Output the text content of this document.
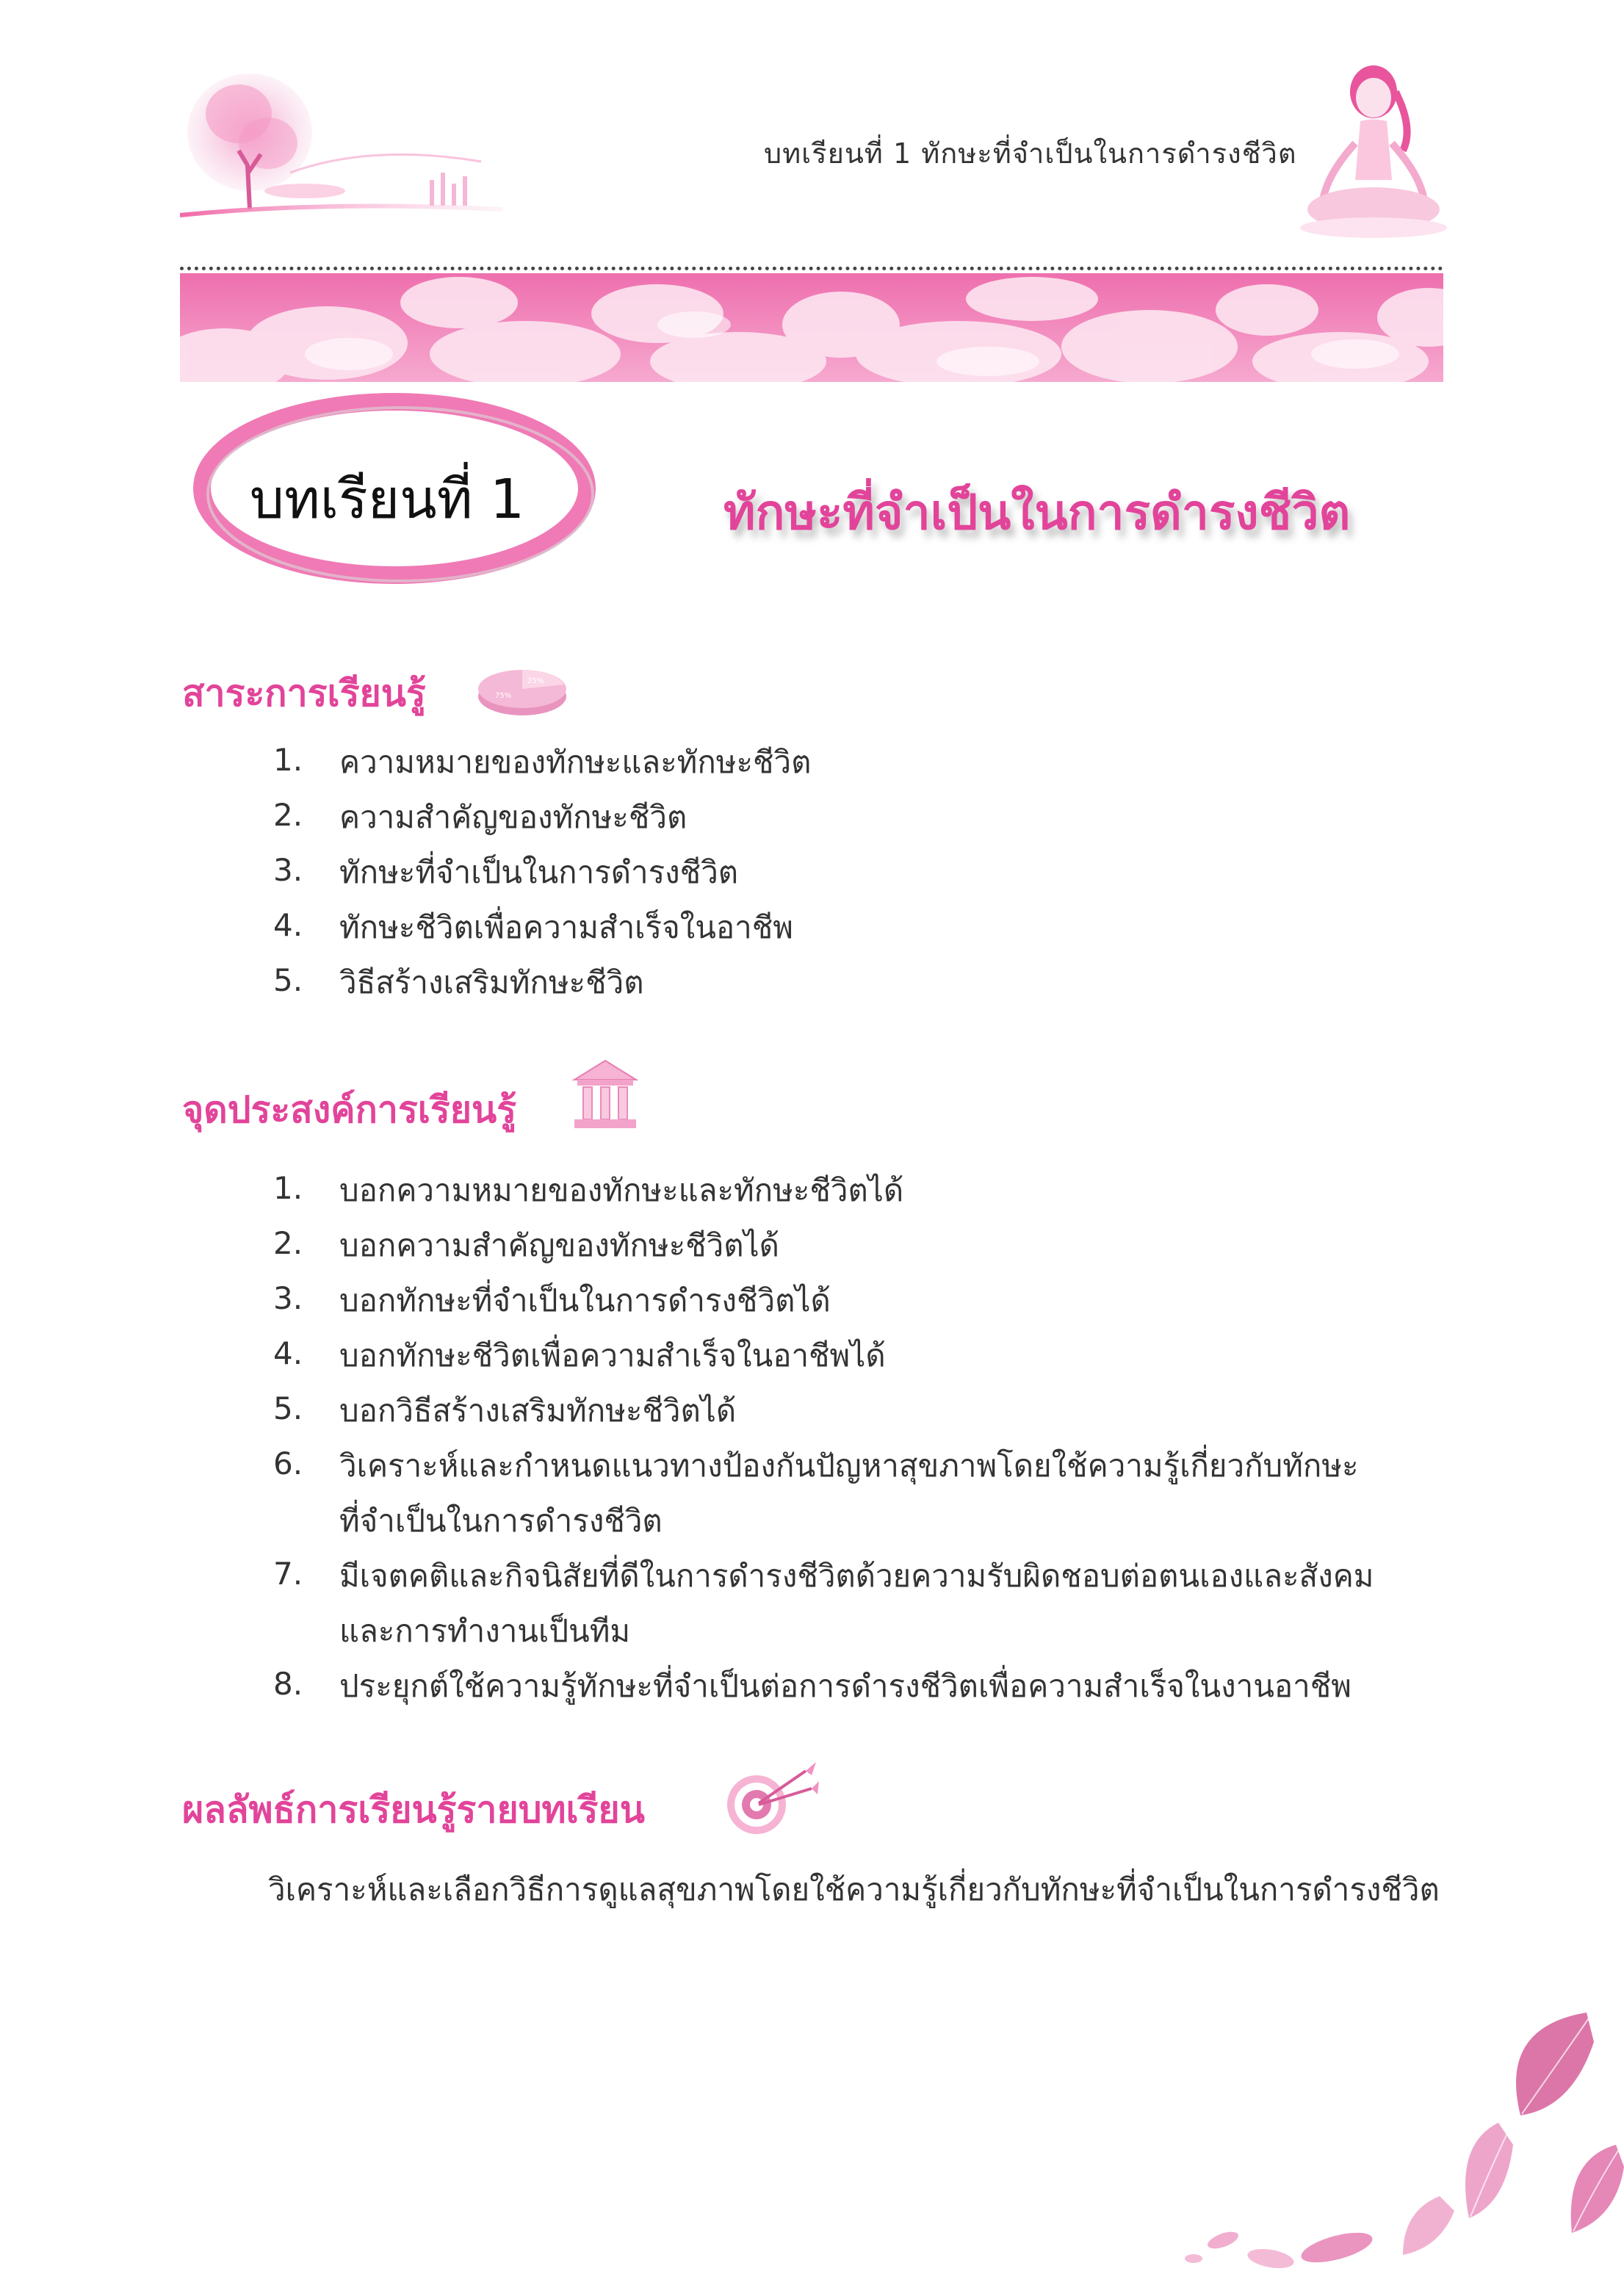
บทเรียนที่ 1 ทักษะที่จำเป็นในการดำรงชีวิต
บทเรียนที่ 1	ทักษะที่จำเป็นในการดำรงชีวิต
สาระการเรียนรู้	25%
75%
1.	ความหมายของทักษะและทักษะชีวิต
2.	ความสำคัญของทักษะชีวิต
3.	ทักษะที่จำเป็นในการดำรงชีวิต
4.	ทักษะชีวิตเพื่อความสำเร็จในอาชีพ
5.	วิธีสร้างเสริมทักษะชีวิต
จุดประสงค์การเรียนรู้
1.	บอกความหมายของทักษะและทักษะชีวิตได้
2.	บอกความสำคัญของทักษะชีวิตได้
3.	บอกทักษะที่จำเป็นในการดำรงชีวิตได้
4.	บอกทักษะชีวิตเพื่อความสำเร็จในอาชีพได้
5.	บอกวิธีสร้างเสริมทักษะชีวิตได้
6.	วิเคราะห์และกำหนดแนวทางป้องกันปัญหาสุขภาพโดยใช้ความรู้เกี่ยวกับทักษะ
ที่จำเป็นในการดำรงชีวิต
7.	มีเจตคติและกิจนิสัยที่ดีในการดำรงชีวิตด้วยความรับผิดชอบต่อตนเองและสังคม
และการทำงานเป็นทีม
8.	ประยุกต์ใช้ความรู้ทักษะที่จำเป็นต่อการดำรงชีวิตเพื่อความสำเร็จในงานอาชีพ
ผลลัพธ์การเรียนรู้รายบทเรียน
วิเคราะห์และเลือกวิธีการดูแลสุขภาพโดยใช้ความรู้เกี่ยวกับทักษะที่จำเป็นในการดำรงชีวิต
